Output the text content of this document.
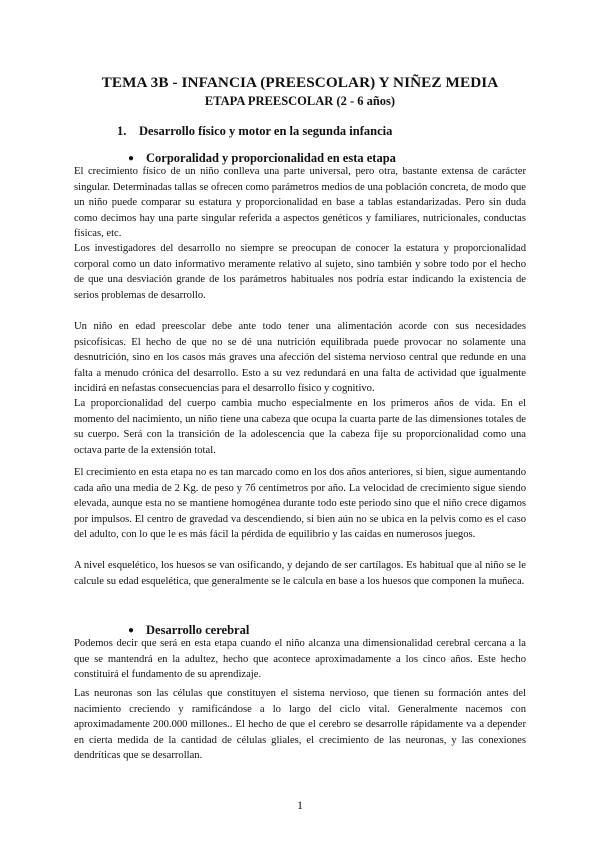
TEMA 3B - INFANCIA (PREESCOLAR) Y NIÑEZ MEDIA
ETAPA PREESCOLAR (2 - 6 años)
1. Desarrollo físico y motor en la segunda infancia
● Corporalidad y proporcionalidad en esta etapa

El crecimiento físico de un niño conlleva una parte universal, pero otra, bastante extensa de carácter singular. Determinadas tallas se ofrecen como parámetros medios de una población concreta, de modo que un niño puede comparar su estatura y proporcionalidad en base a tablas estandarizadas. Pero sin duda como decimos hay una parte singular referida a aspectos genéticos y familiares, nutricionales, conductas físicas, etc.

Los investigadores del desarrollo no siempre se preocupan de conocer la estatura y proporcionalidad corporal como un dato informativo meramente relativo al sujeto, sino también y sobre todo por el hecho de que una desviación grande de los parámetros habituales nos podría estar indicando la existencia de serios problemas de desarrollo.

Un niño en edad preescolar debe ante todo tener una alimentación acorde con sus necesidades psicofísicas. El hecho de que no se dé una nutrición equilibrada puede provocar no solamente una desnutrición, sino en los casos más graves una afección del sistema nervioso central que redunde en una falta a menudo crónica del desarrollo. Esto a su vez redundará en una falta de actividad que igualmente incidirá en nefastas consecuencias para el desarrollo físico y cognitivo.

La proporcionalidad del cuerpo cambia mucho especialmente en los primeros años de vida. En el momento del nacimiento, un niño tiene una cabeza que ocupa la cuarta parte de las dimensiones totales de su cuerpo. Será con la transición de la adolescencia que la cabeza fije su proporcionalidad como una octava parte de la extensión total.

El crecimiento en esta etapa no es tan marcado como en los dos años anteriores, si bien, sigue aumentando cada año una media de 2 Kg. de peso y 7б centímetros por año. La velocidad de crecimiento sigue siendo elevada, aunque esta no se mantiene homogénea durante todo este periodo sino que el niño crece digamos por impulsos. El centro de gravedad va descendiendo, si bien aún no se ubica en la pelvis como es el caso del adulto, con lo que le es más fácil la pérdida de equilibrio y las caídas en numerosos juegos.

A nivel esquelético, los huesos se van osificando, y dejando de ser cartílagos. Es habitual que al niño se le calcule su edad esquelética, que generalmente se le calcula en base a los huesos que componen la muñeca.

● Desarrollo cerebral

Podemos decir que será en esta etapa cuando el niño alcanza una dimensionalidad cerebral cercana a la que se mantendrá en la adultez, hecho que acontece aproximadamente a los cinco años. Este hecho constituirá el fundamento de su aprendizaje.

Las neuronas son las células que constituyen el sistema nervioso, que tienen su formación antes del nacimiento creciendo y ramificándose a lo largo del ciclo vital. Generalmente nacemos con aproximadamente 200.000 millones.. El hecho de que el cerebro se desarrolle rápidamente va a depender en cierta medida de la cantidad de células gliales, el crecimiento de las neuronas, y las conexiones dendríticas que se desarrollan.

1
